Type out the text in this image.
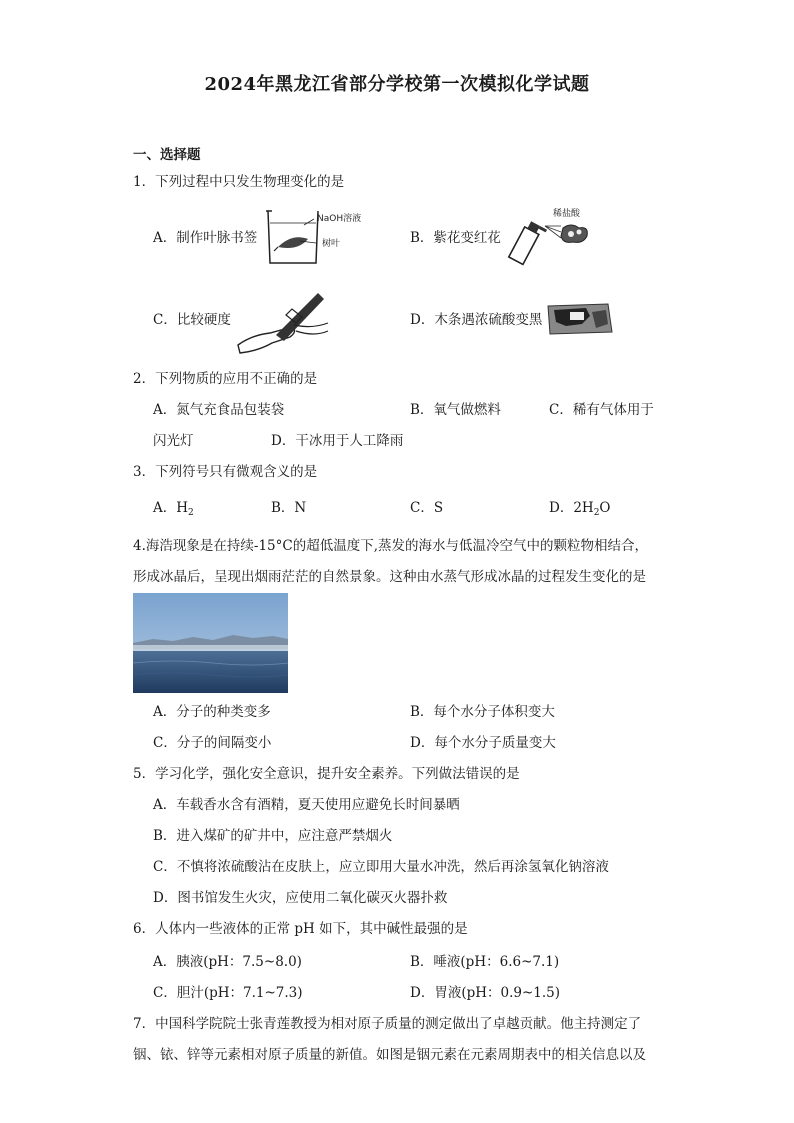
2024年黑龙江省部分学校第一次模拟化学试题
一、选择题
1．下列过程中只发生物理变化的是
A．制作叶脉书签
NaOH溶液
树叶	B．紫花变红花
稀盐酸
C．比较硬度	D．木条遇浓硫酸变黑
2．下列物质的应用不正确的是
A．氮气充食品包装袋	B．氧气做燃料	C．稀有气体用于
闪光灯	D．干冰用于人工降雨
3．下列符号只有微观含义的是
A．$H_2$	B．N	C．S	D．$2H_2O$
4.海浩现象是在持续-15°C的超低温度下,蒸发的海水与低温冷空气中的颗粒物相结合，
形成冰晶后，呈现出烟雨茫茫的自然景象。这种由水蒸气形成冰晶的过程发生变化的是
A．分子的种类变多	B．每个水分子体积变大
C．分子的间隔变小	D．每个水分子质量变大
5．学习化学，强化安全意识，提升安全素养。下列做法错误的是
A．车载香水含有酒精，夏天使用应避免长时间暴晒
B．进入煤矿的矿井中，应注意严禁烟火
C．不慎将浓硫酸沾在皮肤上，应立即用大量水冲洗，然后再涂氢氧化钠溶液
D．图书馆发生火灾，应使用二氧化碳灭火器扑救
6．人体内一些液体的正常 pH 如下，其中碱性最强的是
A．胰液(pH：7.5~8.0)	B．唾液(pH：6.6~7.1)
C．胆汁(pH：7.1~7.3)	D．胃液(pH：0.9~1.5)
7．中国科学院院士张青莲教授为相对原子质量的测定做出了卓越贡献。他主持测定了
铟、铱、锌等元素相对原子质量的新值。如图是铟元素在元素周期表中的相关信息以及
